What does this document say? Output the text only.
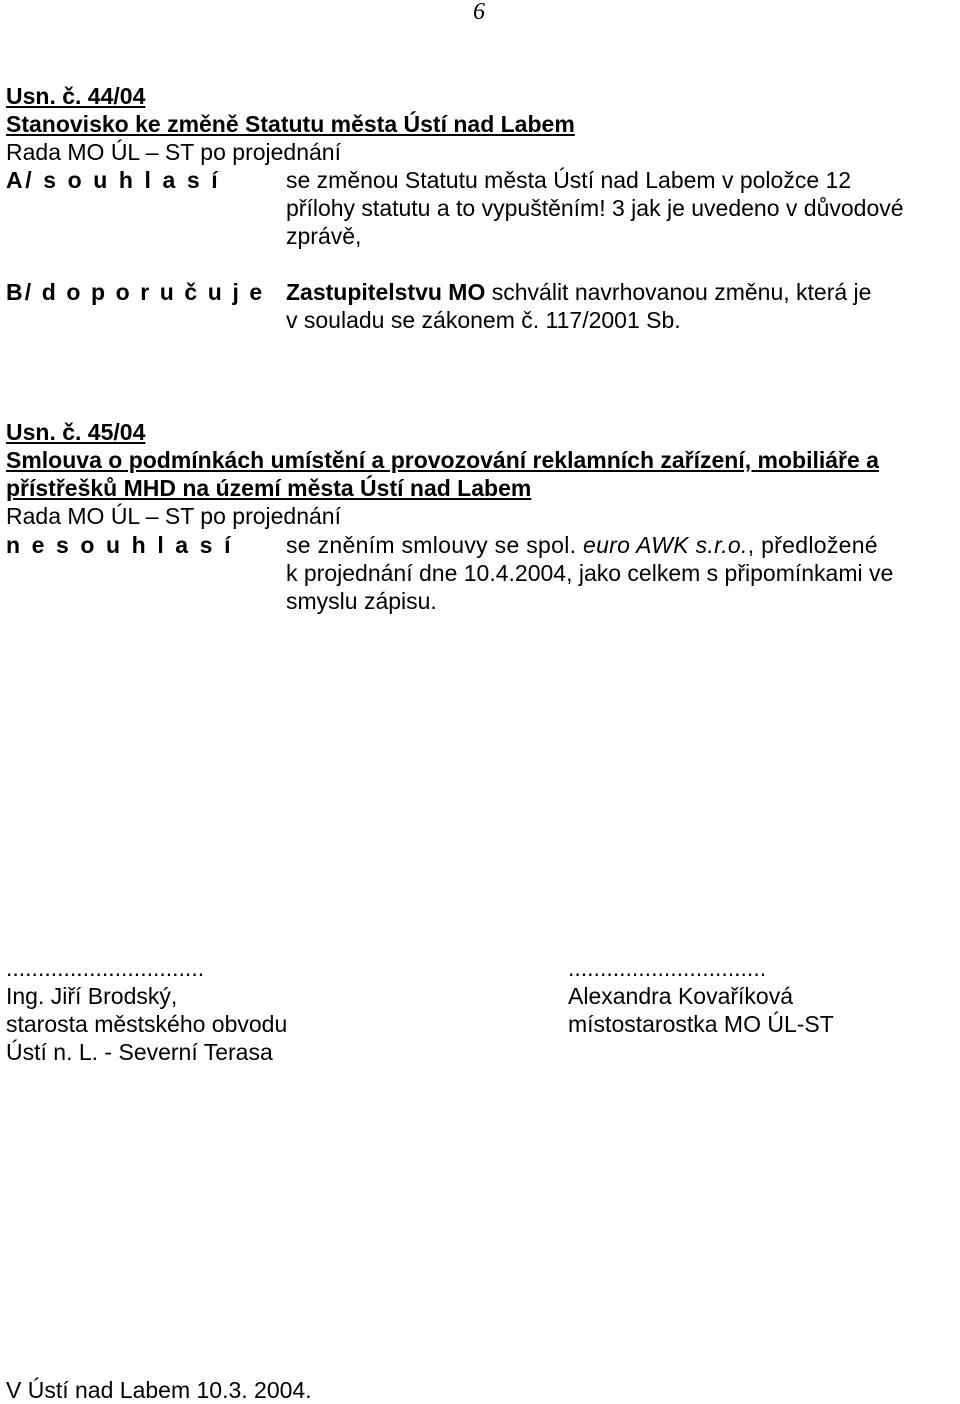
6
Usn. č. 44/04
Stanovisko ke změně Statutu města Ústí nad Labem
Rada MO ÚL – ST po projednání
A/ s o u h l a s í	se změnou Statutu města Ústí nad Labem v položce 12
přílohy statutu a to vypuštěním! 3 jak je uvedeno v důvodové
zprávě,
B/ d o p o r u č u j e Zastupitelstvu MO schválit navrhovanou změnu, která je
v souladu se zákonem č. 117/2001 Sb.
Usn. č. 45/04
Smlouva o podmínkách umístění a provozování reklamních zařízení, mobiliáře a
přístřešků MHD na území města Ústí nad Labem
Rada MO ÚL – ST po projednání
n e s o u h l a s í se zněním smlouvy se spol. euro AWK s.r.o., předložené
k projednání dne 10.4.2004, jako celkem s připomínkami ve
smyslu zápisu.
...............................
Ing. Jiří Brodský,
starosta městského obvodu
Ústí n. L. - Severní Terasa
...............................
Alexandra Kovaříková
místostarostka MO ÚL-ST
V Ústí nad Labem 10.3. 2004.
